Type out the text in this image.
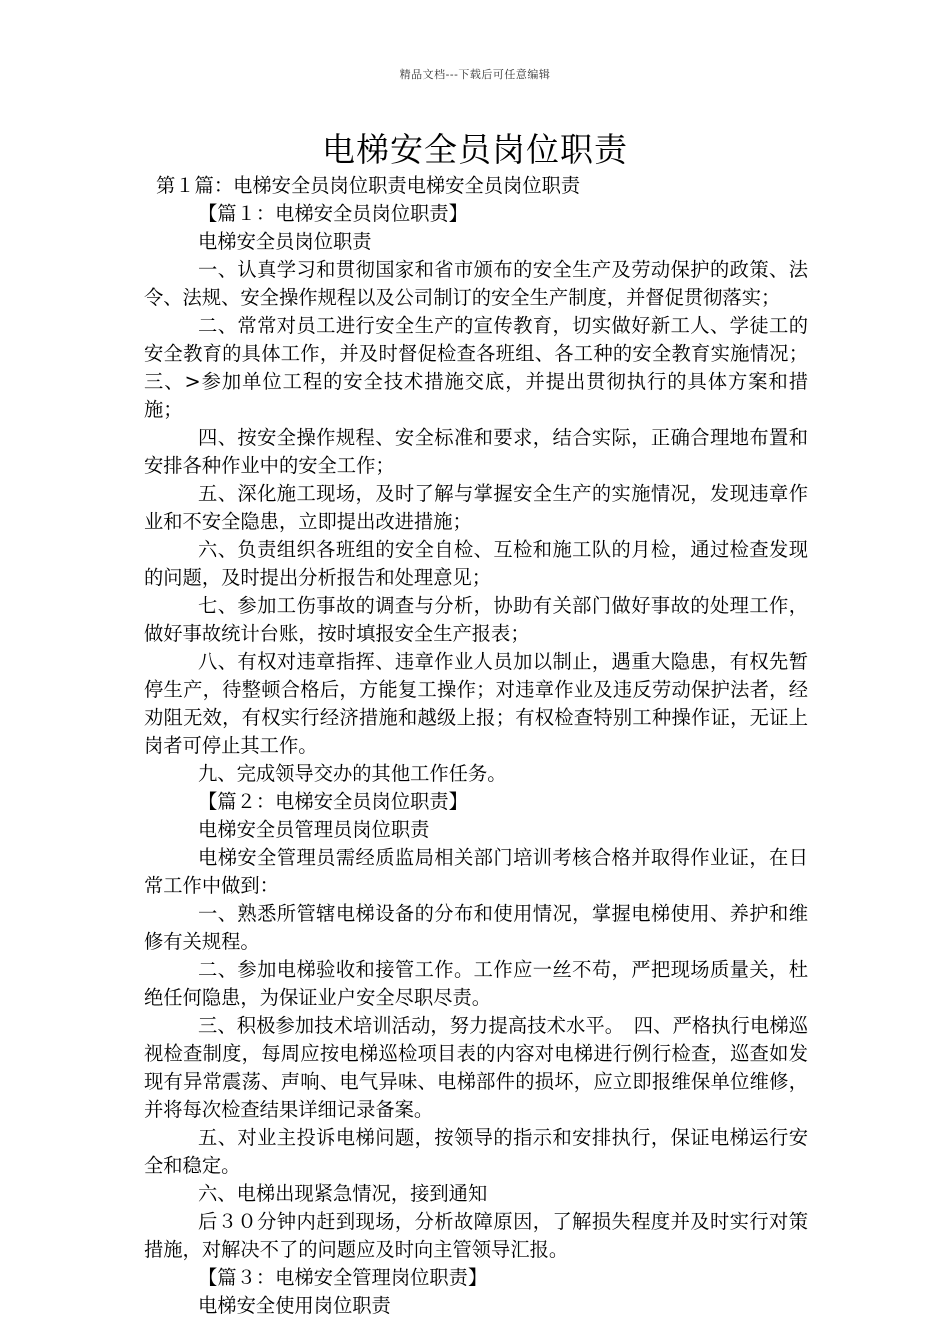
精品文档---下载后可任意编辑
电梯安全员岗位职责

第１篇：电梯安全员岗位职责电梯安全员岗位职责

【篇１：电梯安全员岗位职责】

电梯安全员岗位职责

一、认真学习和贯彻国家和省市颁布的安全生产及劳动保护的政策、法令、法规、安全操作规程以及公司制订的安全生产制度，并督促贯彻落实；

二、常常对员工进行安全生产的宣传教育，切实做好新工人、学徒工的安全教育的具体工作，并及时督促检查各班组、各工种的安全教育实施情况；三、>参加单位工程的安全技术措施交底，并提出贯彻执行的具体方案和措施；

四、按安全操作规程、安全标准和要求，结合实际，正确合理地布置和安排各种作业中的安全工作；

五、深化施工现场，及时了解与掌握安全生产的实施情况，发现违章作业和不安全隐患，立即提出改进措施；

六、负责组织各班组的安全自检、互检和施工队的月检，通过检查发现的问题，及时提出分析报告和处理意见；

七、参加工伤事故的调查与分析，协助有关部门做好事故的处理工作，做好事故统计台账，按时填报安全生产报表；

八、有权对违章指挥、违章作业人员加以制止，遇重大隐患，有权先暂停生产，待整顿合格后，方能复工操作；对违章作业及违反劳动保护法者，经劝阻无效，有权实行经济措施和越级上报；有权检查特别工种操作证，无证上岗者可停止其工作。

九、完成领导交办的其他工作任务。

【篇２：电梯安全员岗位职责】

电梯安全员管理员岗位职责

电梯安全管理员需经质监局相关部门培训考核合格并取得作业证，在日常工作中做到：

一、熟悉所管辖电梯设备的分布和使用情况，掌握电梯使用、养护和维修有关规程。

二、参加电梯验收和接管工作。工作应一丝不苟，严把现场质量关，杜绝任何隐患，为保证业户安全尽职尽责。

三、积极参加技术培训活动，努力提高技术水平。　四、严格执行电梯巡视检查制度，每周应按电梯巡检项目表的内容对电梯进行例行检查，巡查如发现有异常震荡、声响、电气异味、电梯部件的损坏，应立即报维保单位维修，并将每次检查结果详细记录备案。

五、对业主投诉电梯问题，按领导的指示和安排执行，保证电梯运行安全和稳定。

六、电梯出现紧急情况，接到通知

后３０分钟内赶到现场，分析故障原因，了解损失程度并及时实行对策措施，对解决不了的问题应及时向主管领导汇报。

【篇３：电梯安全管理岗位职责】

电梯安全使用岗位职责
